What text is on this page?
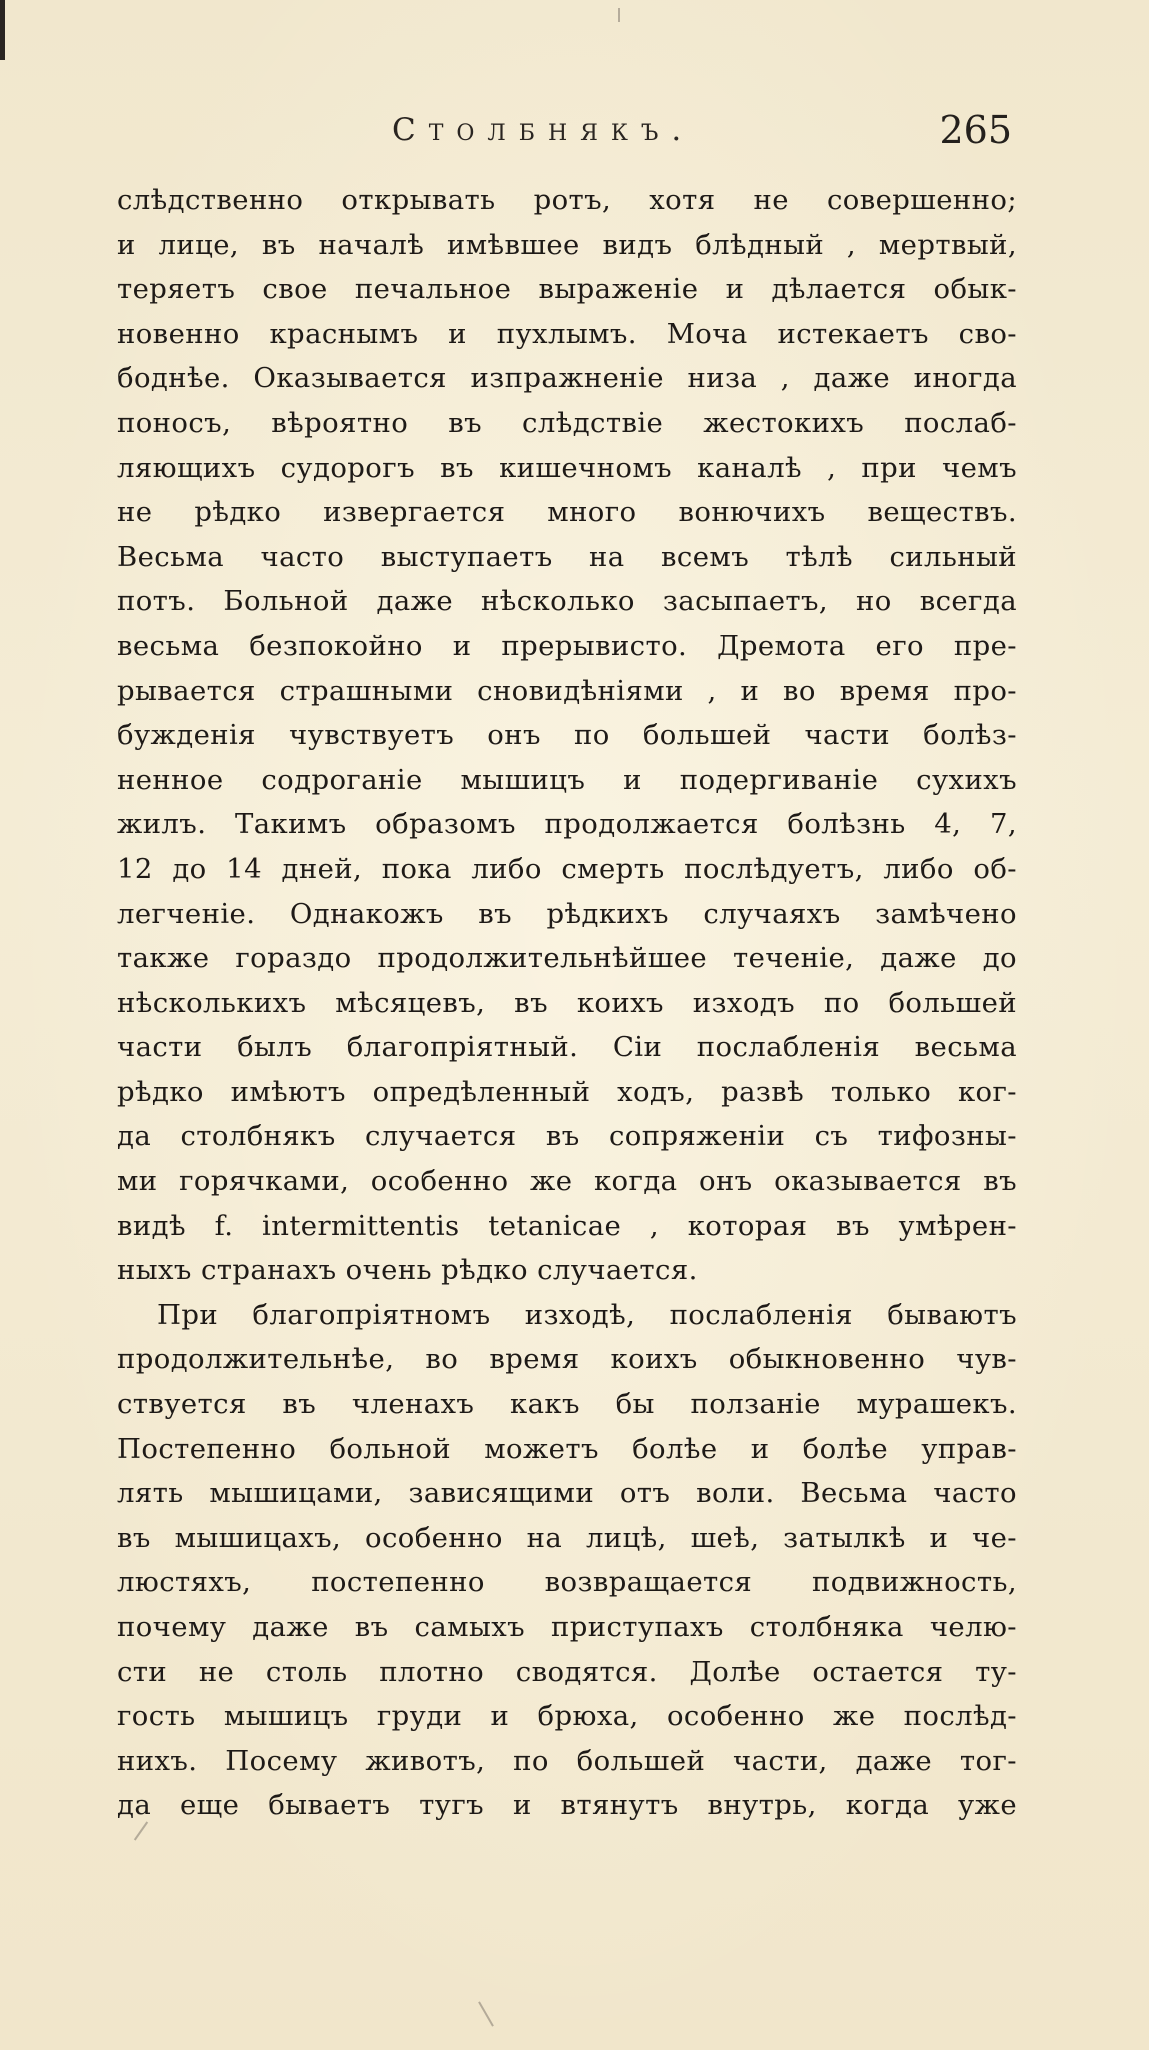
Столбнякъ.	265
слѣдственно открывать ротъ, хотя не совершенно;
и лице, въ началѣ имѣвшее видъ блѣдный , мертвый,
теряетъ свое печальное выраженіе и дѣлается обык-
новенно краснымъ и пухлымъ. Моча истекаетъ сво-
боднѣе. Оказывается изпражненіе низа , даже иногда
поносъ, вѣроятно въ слѣдствіе жестокихъ послаб-
ляющихъ судорогъ въ кишечномъ каналѣ , при чемъ
не рѣдко извергается много вонючихъ веществъ.
Весьма часто выступаетъ на всемъ тѣлѣ сильный
потъ. Больной даже нѣсколько засыпаетъ, но всегда
весьма безпокойно и прерывисто. Дремота его пре-
рывается страшными сновидѣніями , и во время про-
бужденія чувствуетъ онъ по большей части болѣз-
ненное содроганіе мышицъ и подергиваніе сухихъ
жилъ. Такимъ образомъ продолжается болѣзнь 4, 7,
12 до 14 дней, пока либо смерть послѣдуетъ, либо об-
легченіе. Однакожъ въ рѣдкихъ случаяхъ замѣчено
также гораздо продолжительнѣйшее теченіе, даже до
нѣсколькихъ мѣсяцевъ, въ коихъ изходъ по большей
части былъ благопріятный. Сіи послабленія весьма
рѣдко имѣютъ опредѣленный ходъ, развѣ только ког-
да столбнякъ случается въ сопряженіи съ тифозны-
ми горячками, особенно же когда онъ оказывается въ
видѣ f. intermittentis tetanicae , которая въ умѣрен-
ныхъ странахъ очень рѣдко случается.
При благопріятномъ изходѣ, послабленія бываютъ
продолжительнѣе, во время коихъ обыкновенно чув-
ствуется въ членахъ какъ бы ползаніе мурашекъ.
Постепенно больной можетъ болѣе и болѣе управ-
лять мышицами, зависящими отъ воли. Весьма часто
въ мышицахъ, особенно на лицѣ, шеѣ, затылкѣ и че-
люстяхъ, постепенно возвращается подвижность,
почему даже въ самыхъ приступахъ столбняка челю-
сти не столь плотно сводятся. Долѣе остается ту-
гость мышицъ груди и брюха, особенно же послѣд-
нихъ. Посему животъ, по большей части, даже тог-
да еще бываетъ тугъ и втянутъ внутрь, когда уже
